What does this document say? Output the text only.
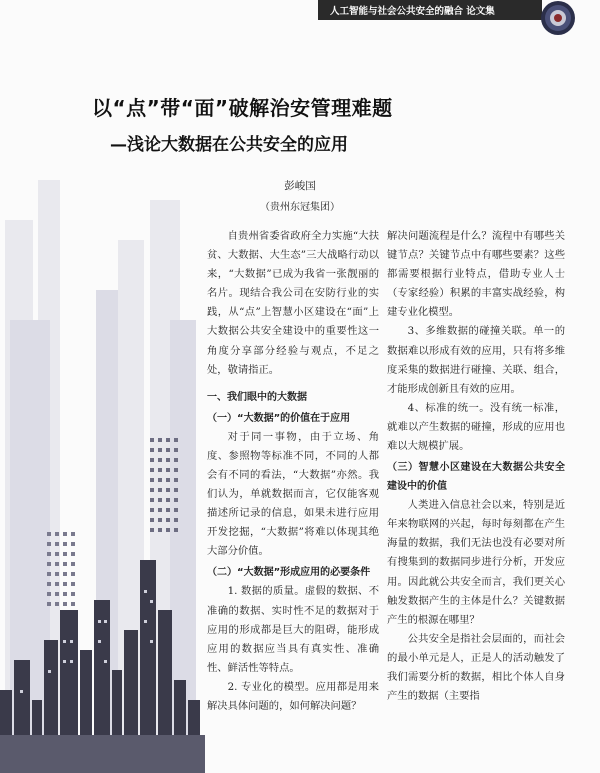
人工智能与社会公共安全的融合 论文集
以“点”带“面”破解治安管理难题
—浅论大数据在公共安全的应用
彭峻国
（贵州东冠集团）

自贵州省委省政府全力实施“大扶贫、大数据、大生态”三大战略行动以来，“大数据”已成为我省一张靓丽的名片。现结合我公司在安防行业的实践，从“点”上智慧小区建设在“面”上大数据公共安全建设中的重要性这一角度分享部分经验与观点，不足之处，敬请指正。

一、我们眼中的大数据

（一）“大数据”的价值在于应用

对于同一事物，由于立场、角度、参照物等标准不同，不同的人都会有不同的看法，“大数据”亦然。我们认为，单就数据而言，它仅能客观描述所记录的信息，如果未进行应用开发挖掘，“大数据”将难以体现其绝大部分价值。

（二）“大数据”形成应用的必要条件

1. 数据的质量。虚假的数据、不准确的数据、实时性不足的数据对于应用的形成都是巨大的阻碍，能形成应用的数据应当具有真实性、准确性、鲜活性等特点。

2. 专业化的模型。应用都是用来解决具体问题的，如何解决问题？

解决问题流程是什么？流程中有哪些关键节点？关键节点中有哪些要素？这些都需要根据行业特点，借助专业人士（专家经验）积累的丰富实战经验，构建专业化模型。

3、多维数据的碰撞关联。单一的数据难以形成有效的应用，只有将多维度采集的数据进行碰撞、关联、组合，才能形成创新且有效的应用。

4、标准的统一。没有统一标准，就难以产生数据的碰撞，形成的应用也难以大规模扩展。

（三）智慧小区建设在大数据公共安全建设中的价值

人类进入信息社会以来，特别是近年来物联网的兴起，每时每刻都在产生海量的数据，我们无法也没有必要对所有搜集到的数据同步进行分析，开发应用。因此就公共安全而言，我们更关心触发数据产生的主体是什么？关键数据产生的根源在哪里？

公共安全是指社会层面的，而社会的最小单元是人，正是人的活动触发了我们需要分析的数据，相比个体人自身产生的数据（主要指
